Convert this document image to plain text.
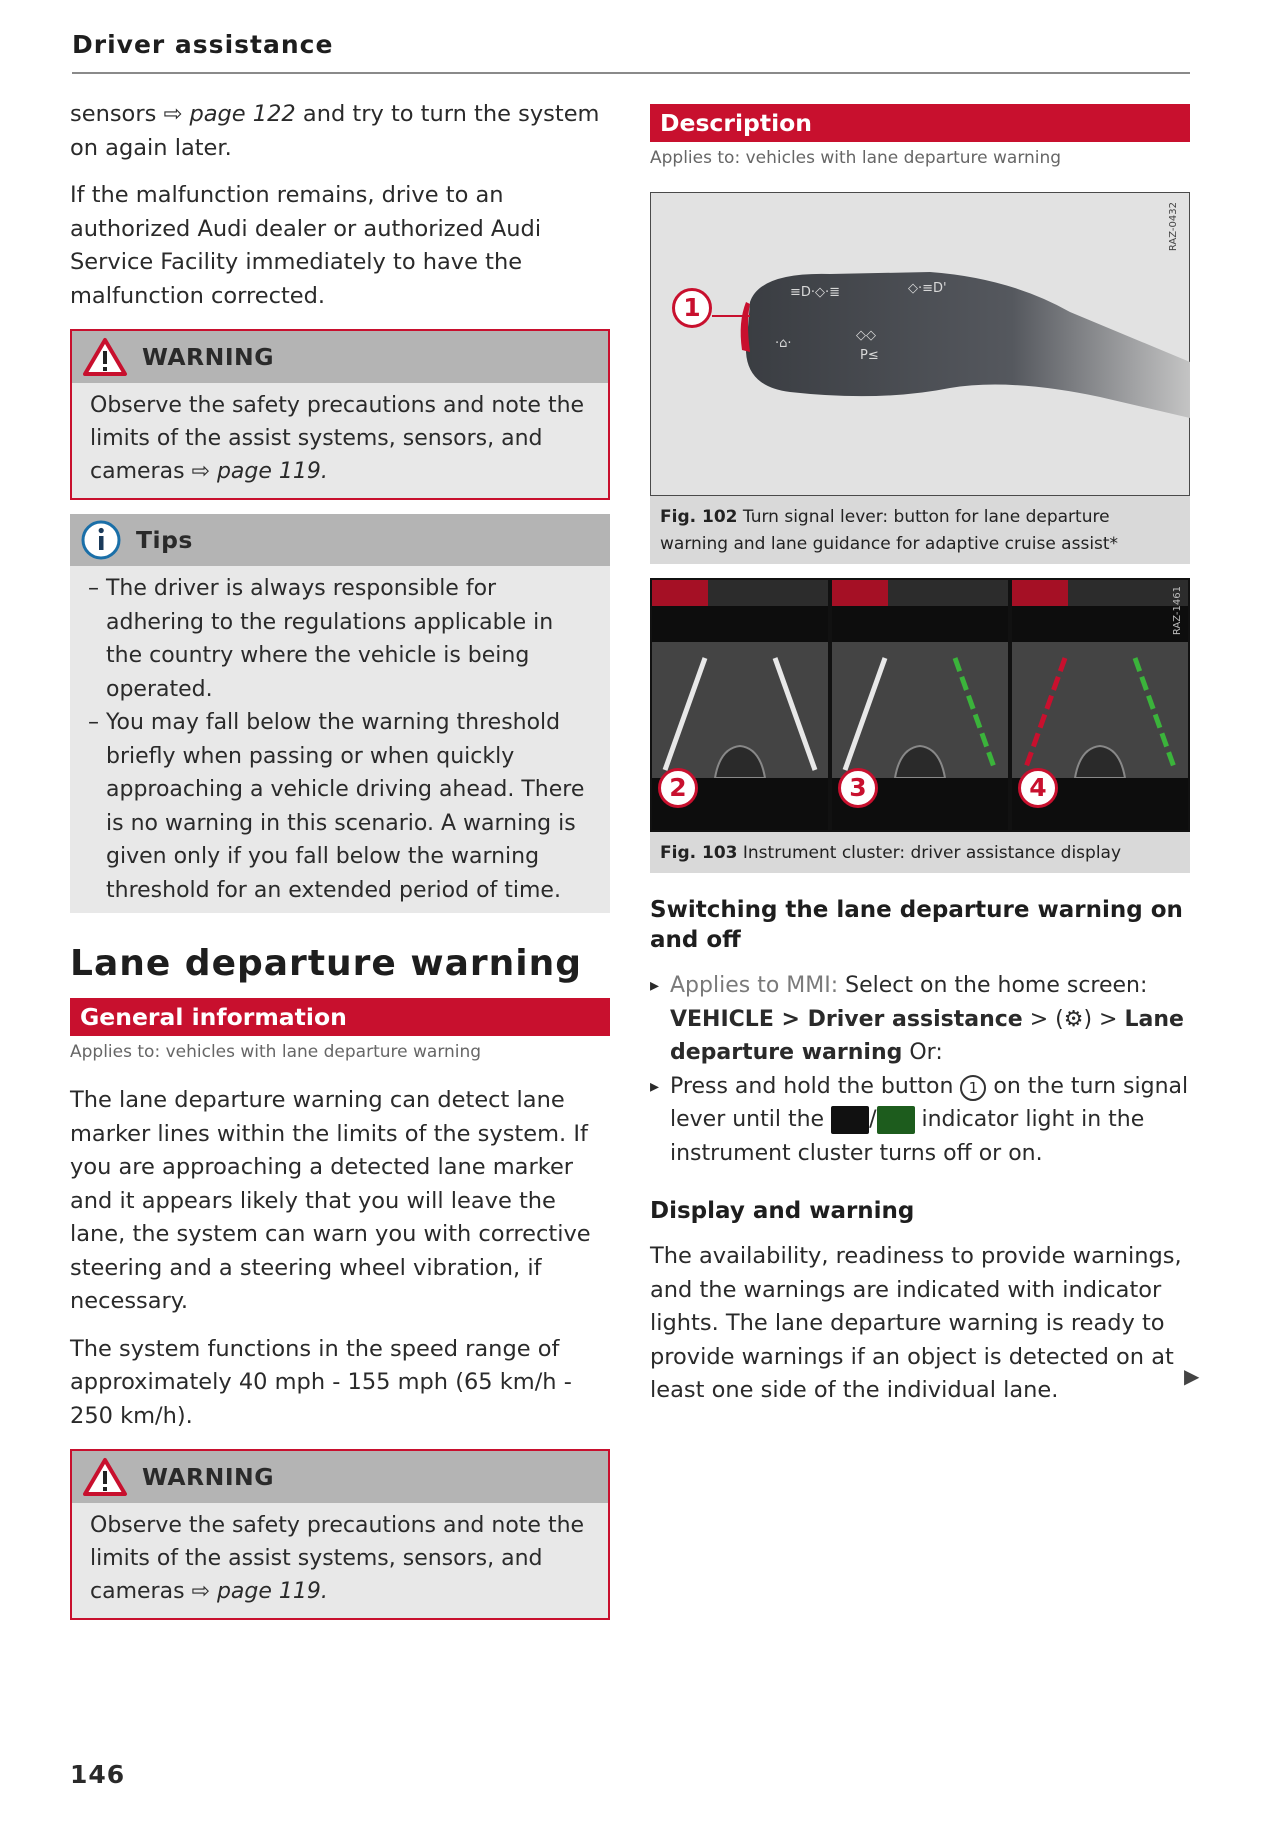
Driver assistance

sensors ⇨ page 122 and try to turn the system on again later.

If the malfunction remains, drive to an authorized Audi dealer or authorized Audi Service Facility immediately to have the malfunction corrected.

WARNING
Observe the safety precautions and note the limits of the assist systems, sensors, and cameras ⇨ page 119.
Tips
– The driver is always responsible for adhering to the regulations applicable in the country where the vehicle is being operated.
– You may fall below the warning threshold briefly when passing or when quickly approaching a vehicle driving ahead. There is no warning in this scenario. A warning is given only if you fall below the warning threshold for an extended period of time.
Lane departure warning
General information
Applies to: vehicles with lane departure warning

The lane departure warning can detect lane marker lines within the limits of the system. If you are approaching a detected lane marker and it appears likely that you will leave the lane, the system can warn you with corrective steering and a steering wheel vibration, if necessary.

The system functions in the speed range of approximately 40 mph - 155 mph (65 km/h - 250 km/h).

WARNING
Observe the safety precautions and note the limits of the assist systems, sensors, and cameras ⇨ page 119.
Description
Applies to: vehicles with lane departure warning
≡D·◇·≣	◇·≡D'
·⌂·
◇◇
P≤
1
RAZ-0432
Fig. 102 Turn signal lever: button for lane departure warning and lane guidance for adaptive cruise assist*
2	3	4
RAZ-1461
Fig. 103 Instrument cluster: driver assistance display
Switching the lane departure warning on and off
▸ Applies to MMI: Select on the home screen: VEHICLE > Driver assistance > (⚙) > Lane departure warning Or:
▸ Press and hold the button 1 on the turn signal lever until the / indicator light in the instrument cluster turns off or on.
Display and warning

The availability, readiness to provide warnings, and the warnings are indicated with indicator lights. The lane departure warning is ready to provide warnings if an object is detected on at least one side of the individual lane.

▶
146
